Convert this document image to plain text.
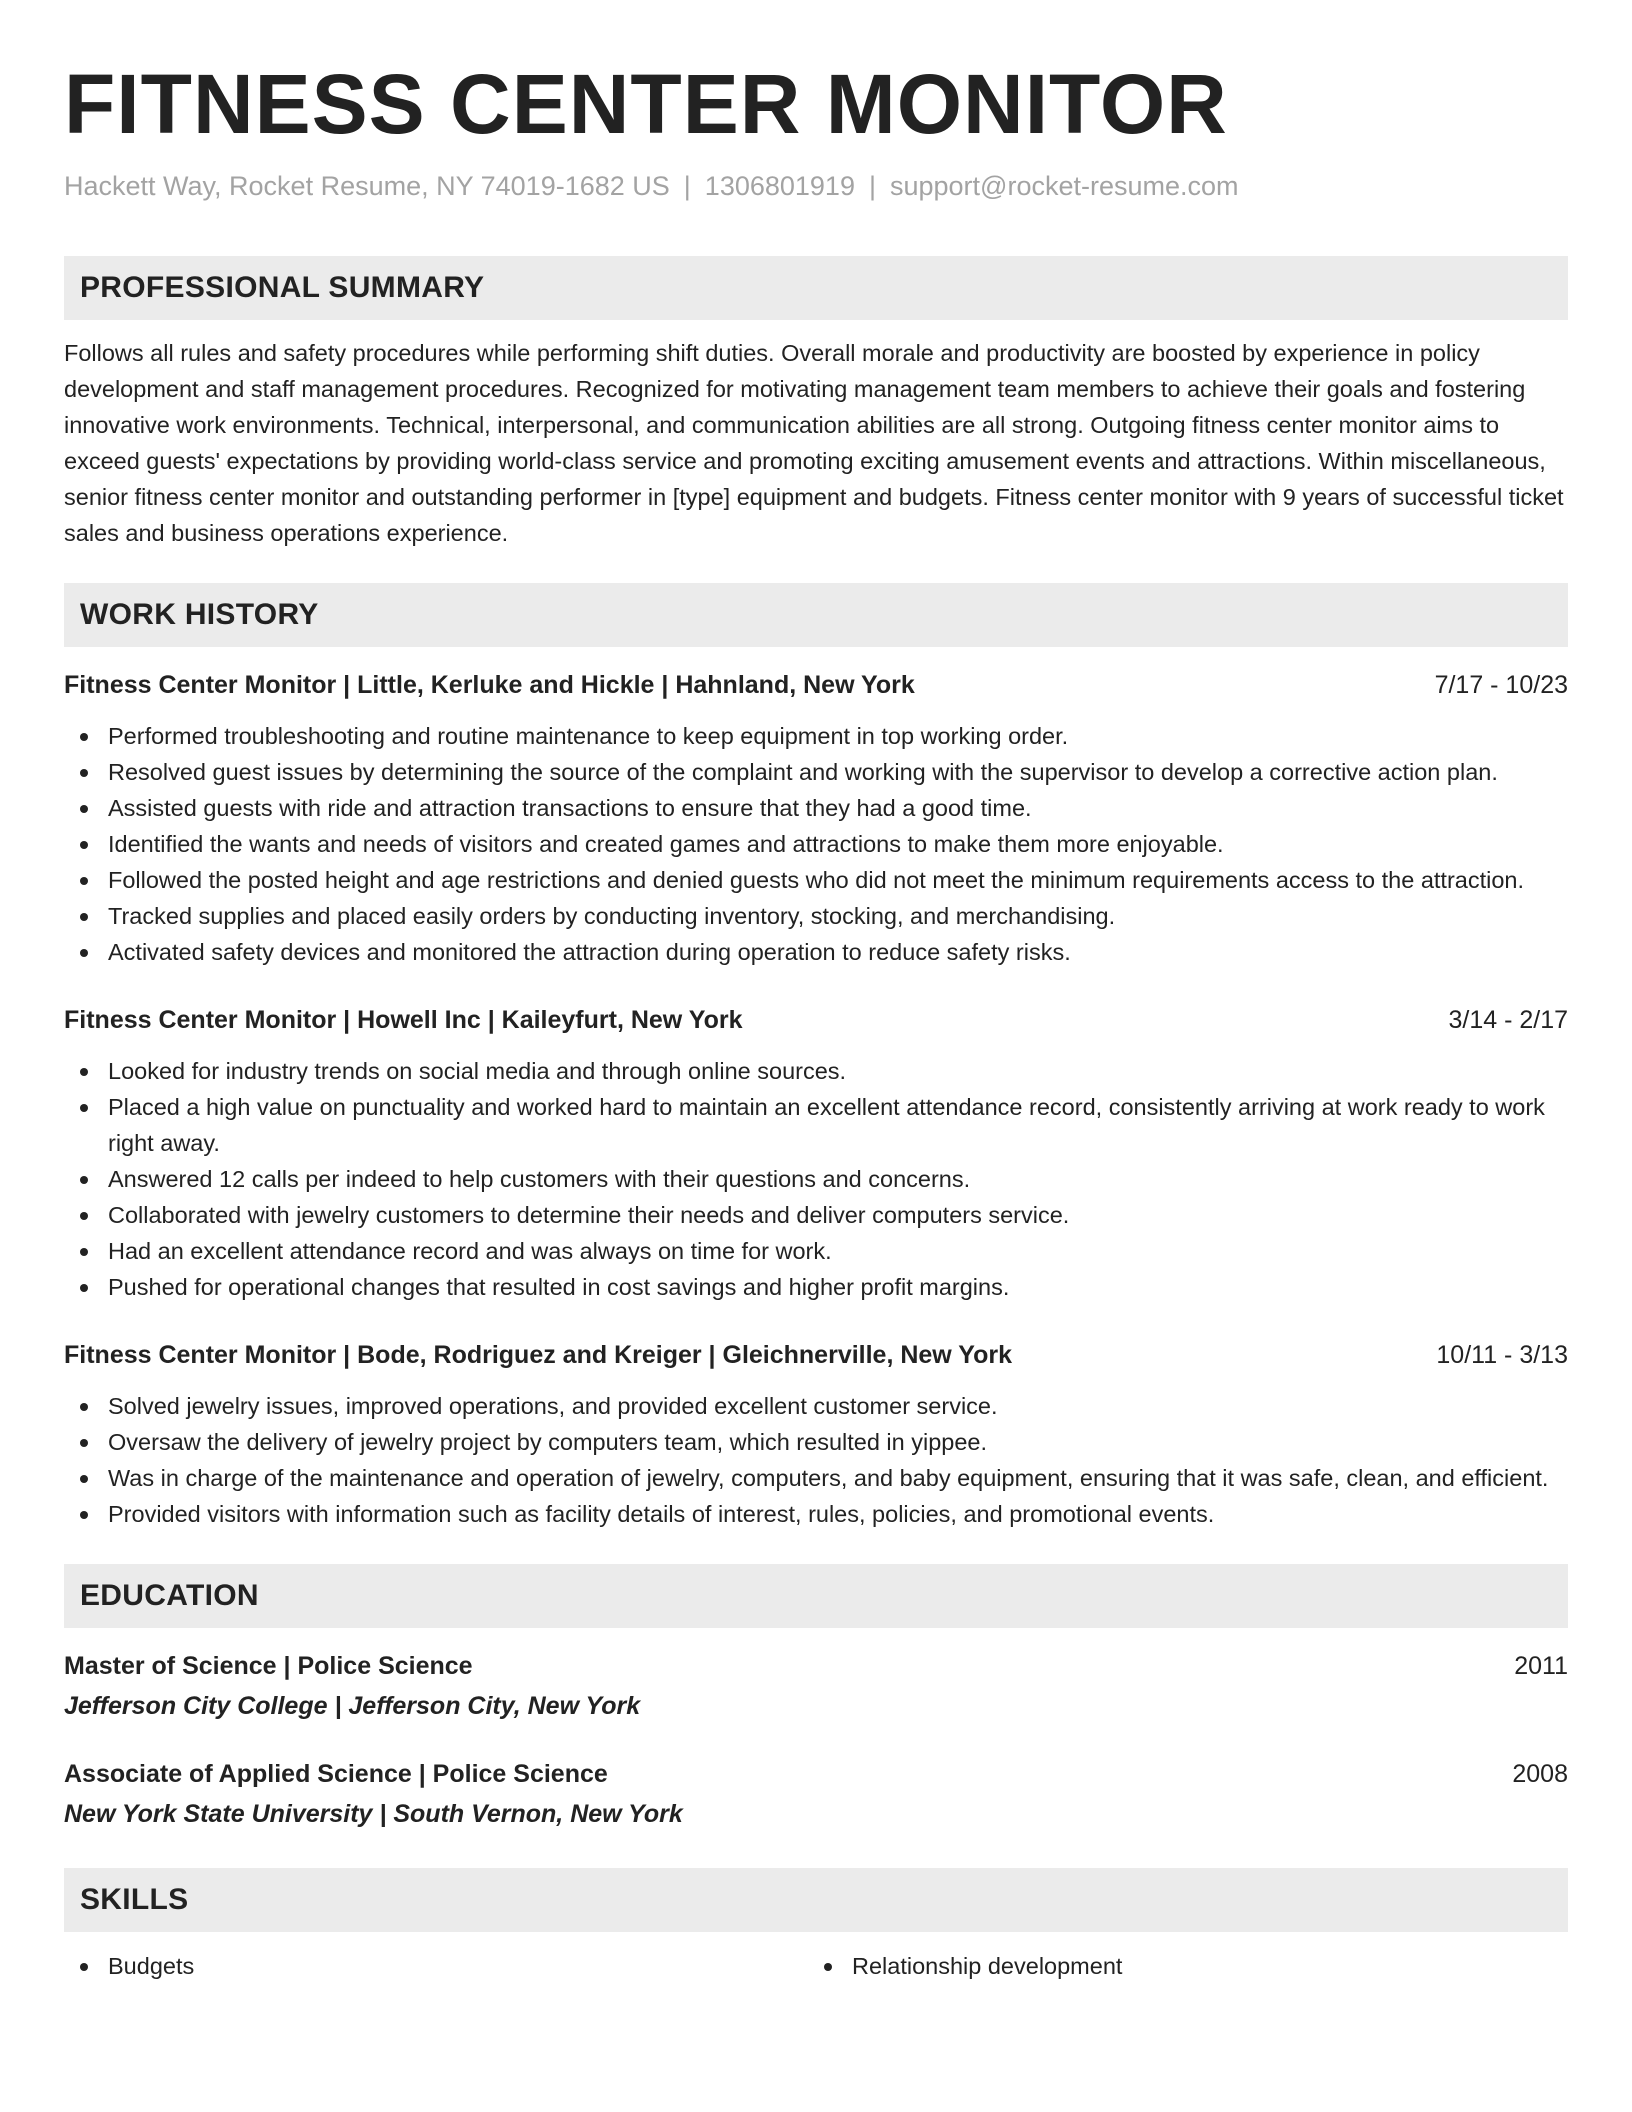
FITNESS CENTER MONITOR
Hackett Way, Rocket Resume, NY 74019-1682 US | 1306801919 | support@rocket-resume.com
PROFESSIONAL SUMMARY

Follows all rules and safety procedures while performing shift duties. Overall morale and productivity are boosted by experience in policy development and staff management procedures. Recognized for motivating management team members to achieve their goals and fostering innovative work environments. Technical, interpersonal, and communication abilities are all strong. Outgoing fitness center monitor aims to exceed guests' expectations by providing world-class service and promoting exciting amusement events and attractions. Within miscellaneous, senior fitness center monitor and outstanding performer in [type] equipment and budgets. Fitness center monitor with 9 years of successful ticket sales and business operations experience.

WORK HISTORY
Fitness Center Monitor | Little, Kerluke and Hickle | Hahnland, New York	7/17 - 10/23
Performed troubleshooting and routine maintenance to keep equipment in top working order.
Resolved guest issues by determining the source of the complaint and working with the supervisor to develop a corrective action plan.
Assisted guests with ride and attraction transactions to ensure that they had a good time.
Identified the wants and needs of visitors and created games and attractions to make them more enjoyable.
Followed the posted height and age restrictions and denied guests who did not meet the minimum requirements access to the attraction.
Tracked supplies and placed easily orders by conducting inventory, stocking, and merchandising.
Activated safety devices and monitored the attraction during operation to reduce safety risks.
Fitness Center Monitor | Howell Inc | Kaileyfurt, New York	3/14 - 2/17
Looked for industry trends on social media and through online sources.
Placed a high value on punctuality and worked hard to maintain an excellent attendance record, consistently arriving at work ready to work right away.
Answered 12 calls per indeed to help customers with their questions and concerns.
Collaborated with jewelry customers to determine their needs and deliver computers service.
Had an excellent attendance record and was always on time for work.
Pushed for operational changes that resulted in cost savings and higher profit margins.
Fitness Center Monitor | Bode, Rodriguez and Kreiger | Gleichnerville, New York	10/11 - 3/13
Solved jewelry issues, improved operations, and provided excellent customer service.
Oversaw the delivery of jewelry project by computers team, which resulted in yippee.
Was in charge of the maintenance and operation of jewelry, computers, and baby equipment, ensuring that it was safe, clean, and efficient.
Provided visitors with information such as facility details of interest, rules, policies, and promotional events.
EDUCATION
Master of Science | Police Science	2011
Jefferson City College | Jefferson City, New York
Associate of Applied Science | Police Science	2008
New York State University | South Vernon, New York
SKILLS
Budgets	Relationship development
